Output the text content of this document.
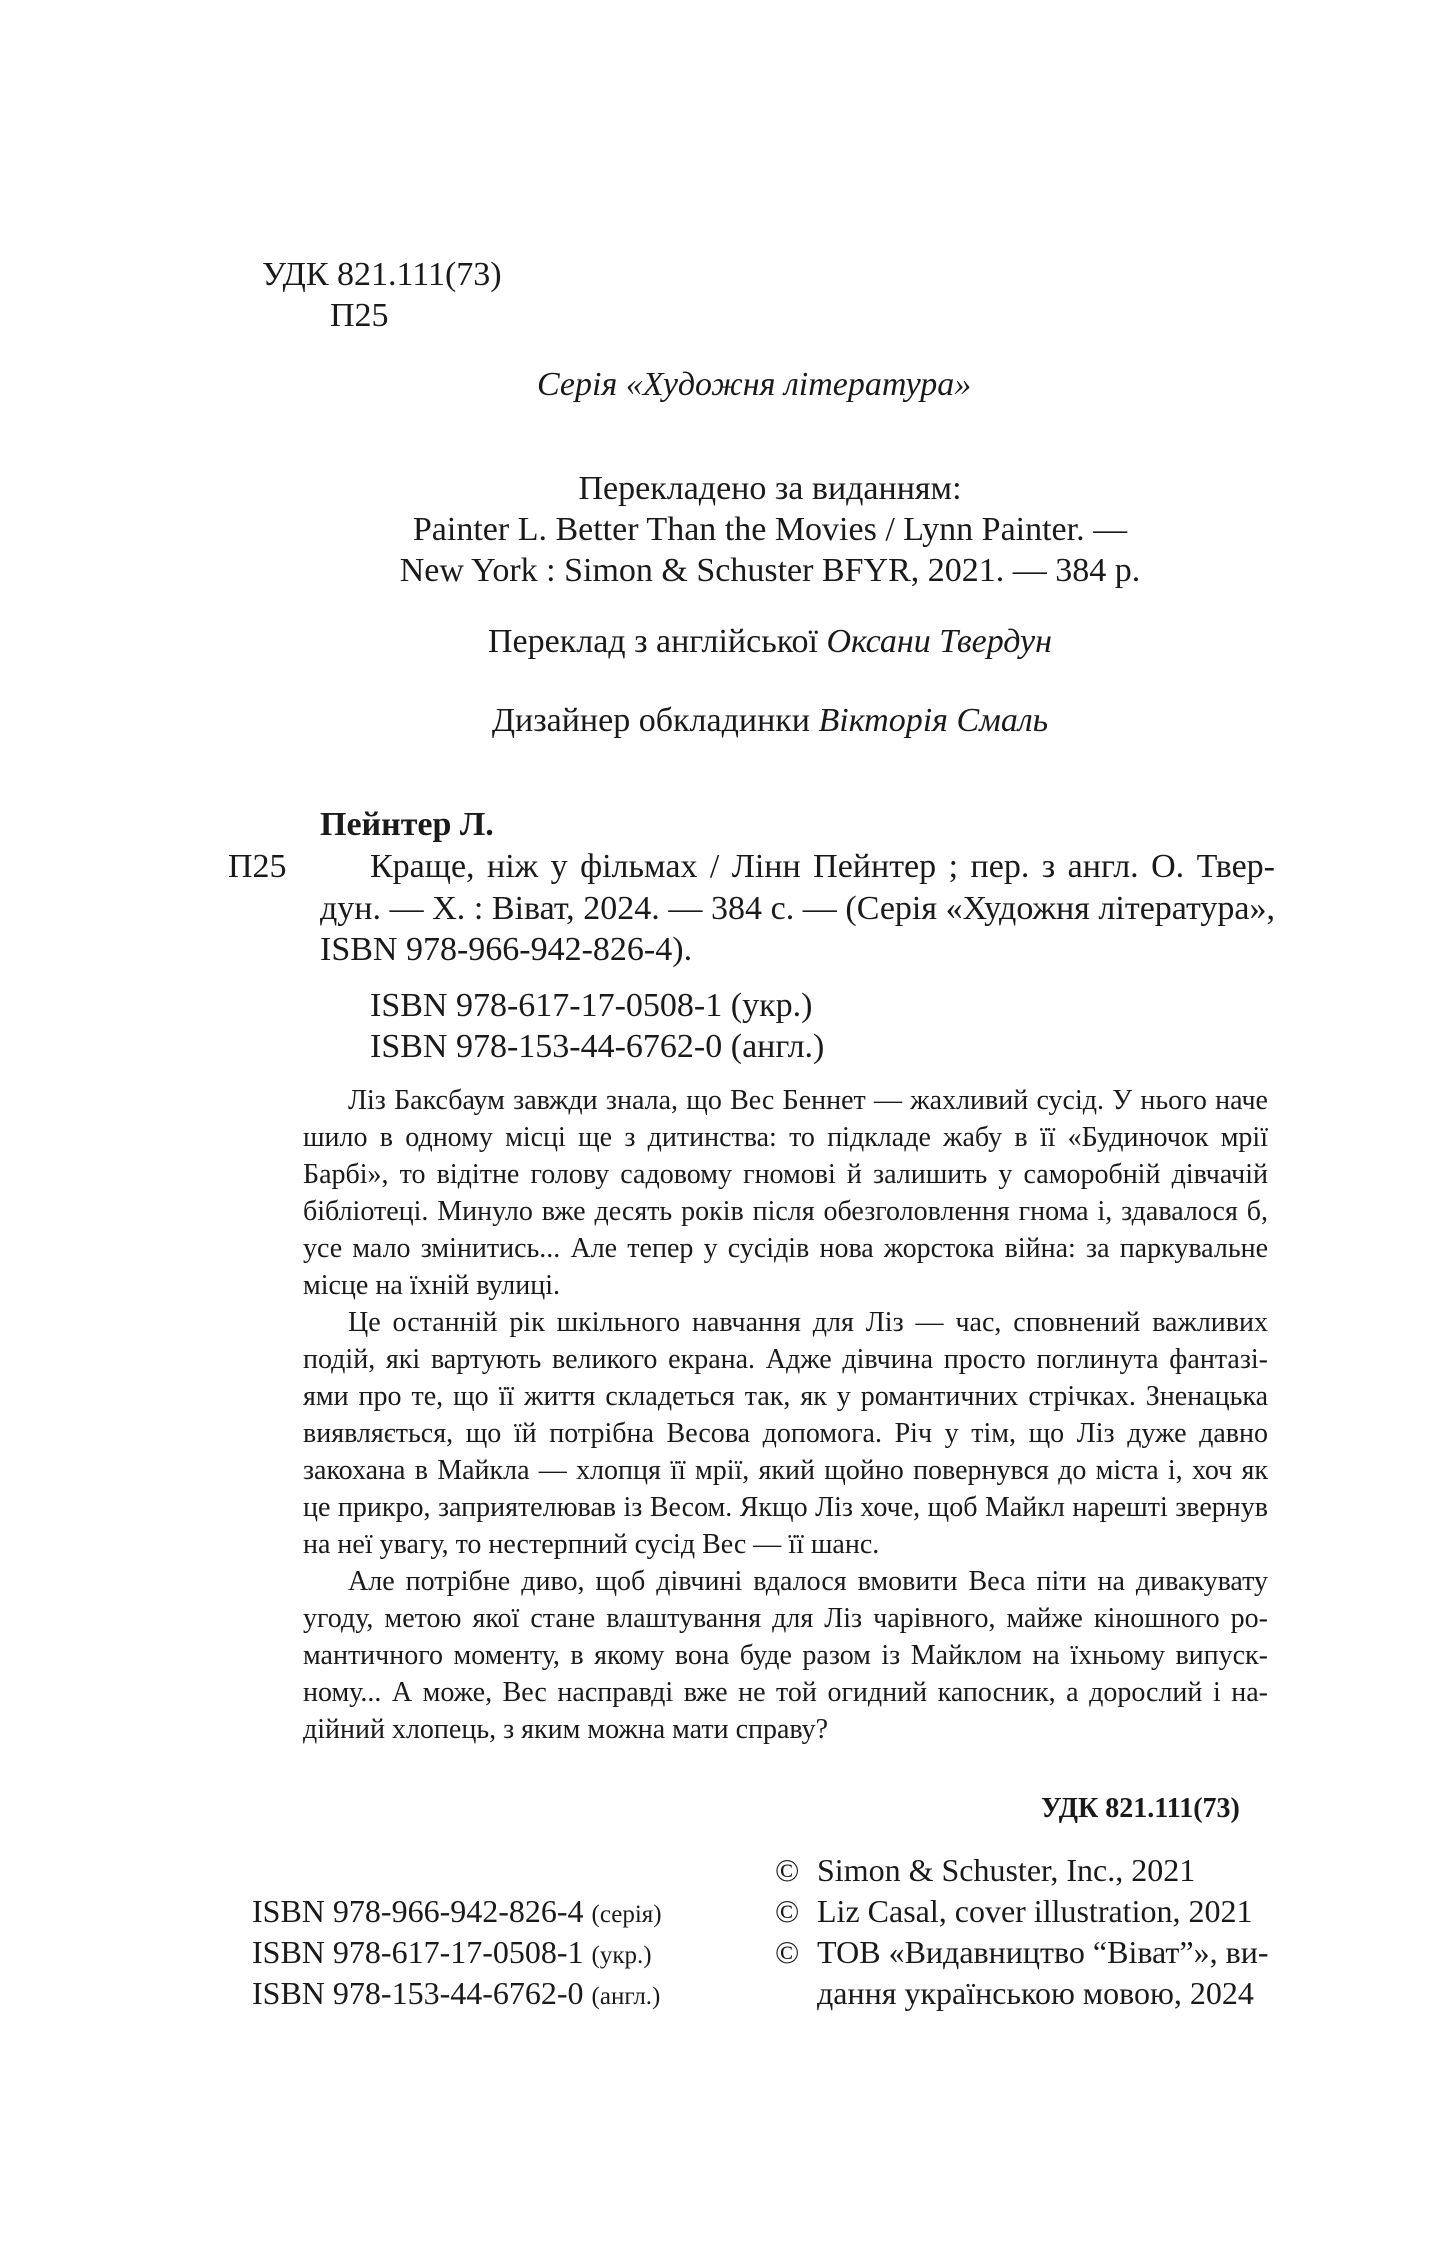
УДК 821.111(73)
П25
Серія «Художня література»
Перекладено за виданням:
Painter L. Better Than the Movies / Lynn Painter. —
New York : Simon & Schuster BFYR, 2021. — 384 p.
Переклад з англійської Оксани Твердун
Дизайнер обкладинки Вікторія Смаль
Пейнтер Л.
П25 Краще, ніж у фільмах / Лінн Пейнтер ; пер. з англ. О. Твер-
дун. — Х. : Віват, 2024. — 384 с. — (Серія «Художня література»,
ISBN 978-966-942-826-4).
ISBN 978-617-17-0508-1 (укр.)
ISBN 978-153-44-6762-0 (англ.)
Ліз Баксбаум завжди знала, що Вес Беннет — жахливий сусід. У нього наче
шило в одному місці ще з дитинства: то підкладе жабу в її «Будиночок мрії
Барбі», то відітне голову садовому гномові й залишить у саморобній дівчачій
бібліотеці. Минуло вже десять років після обезголовлення гнома і, здавалося б,
усе мало змінитись... Але тепер у сусідів нова жорстока війна: за паркувальне
місце на їхній вулиці.
Це останній рік шкільного навчання для Ліз — час, сповнений важливих
подій, які вартують великого екрана. Адже дівчина просто поглинута фантазі-
ями про те, що її життя складеться так, як у романтичних стрічках. Зненацька
виявляється, що їй потрібна Весова допомога. Річ у тім, що Ліз дуже давно
закохана в Майкла — хлопця її мрії, який щойно повернувся до міста і, хоч як
це прикро, заприятелював із Весом. Якщо Ліз хоче, щоб Майкл нарешті звернув
на неї увагу, то нестерпний сусід Вес — її шанс.
Але потрібне диво, щоб дівчині вдалося вмовити Веса піти на дивакувату
угоду, метою якої стане влаштування для Ліз чарівного, майже кіношного ро-
мантичного моменту, в якому вона буде разом із Майклом на їхньому випуск-
ному... А може, Вес насправді вже не той огидний капосник, а дорослий і на-
дійний хлопець, з яким можна мати справу?
УДК 821.111(73)
ISBN 978-966-942-826-4 (серія)
ISBN 978-617-17-0508-1 (укр.)
ISBN 978-153-44-6762-0 (англ.)
© Simon & Schuster, Inc., 2021
© Liz Casal, cover illustration, 2021
© ТОВ «Видавництво “Віват”», ви-
дання українською мовою, 2024
